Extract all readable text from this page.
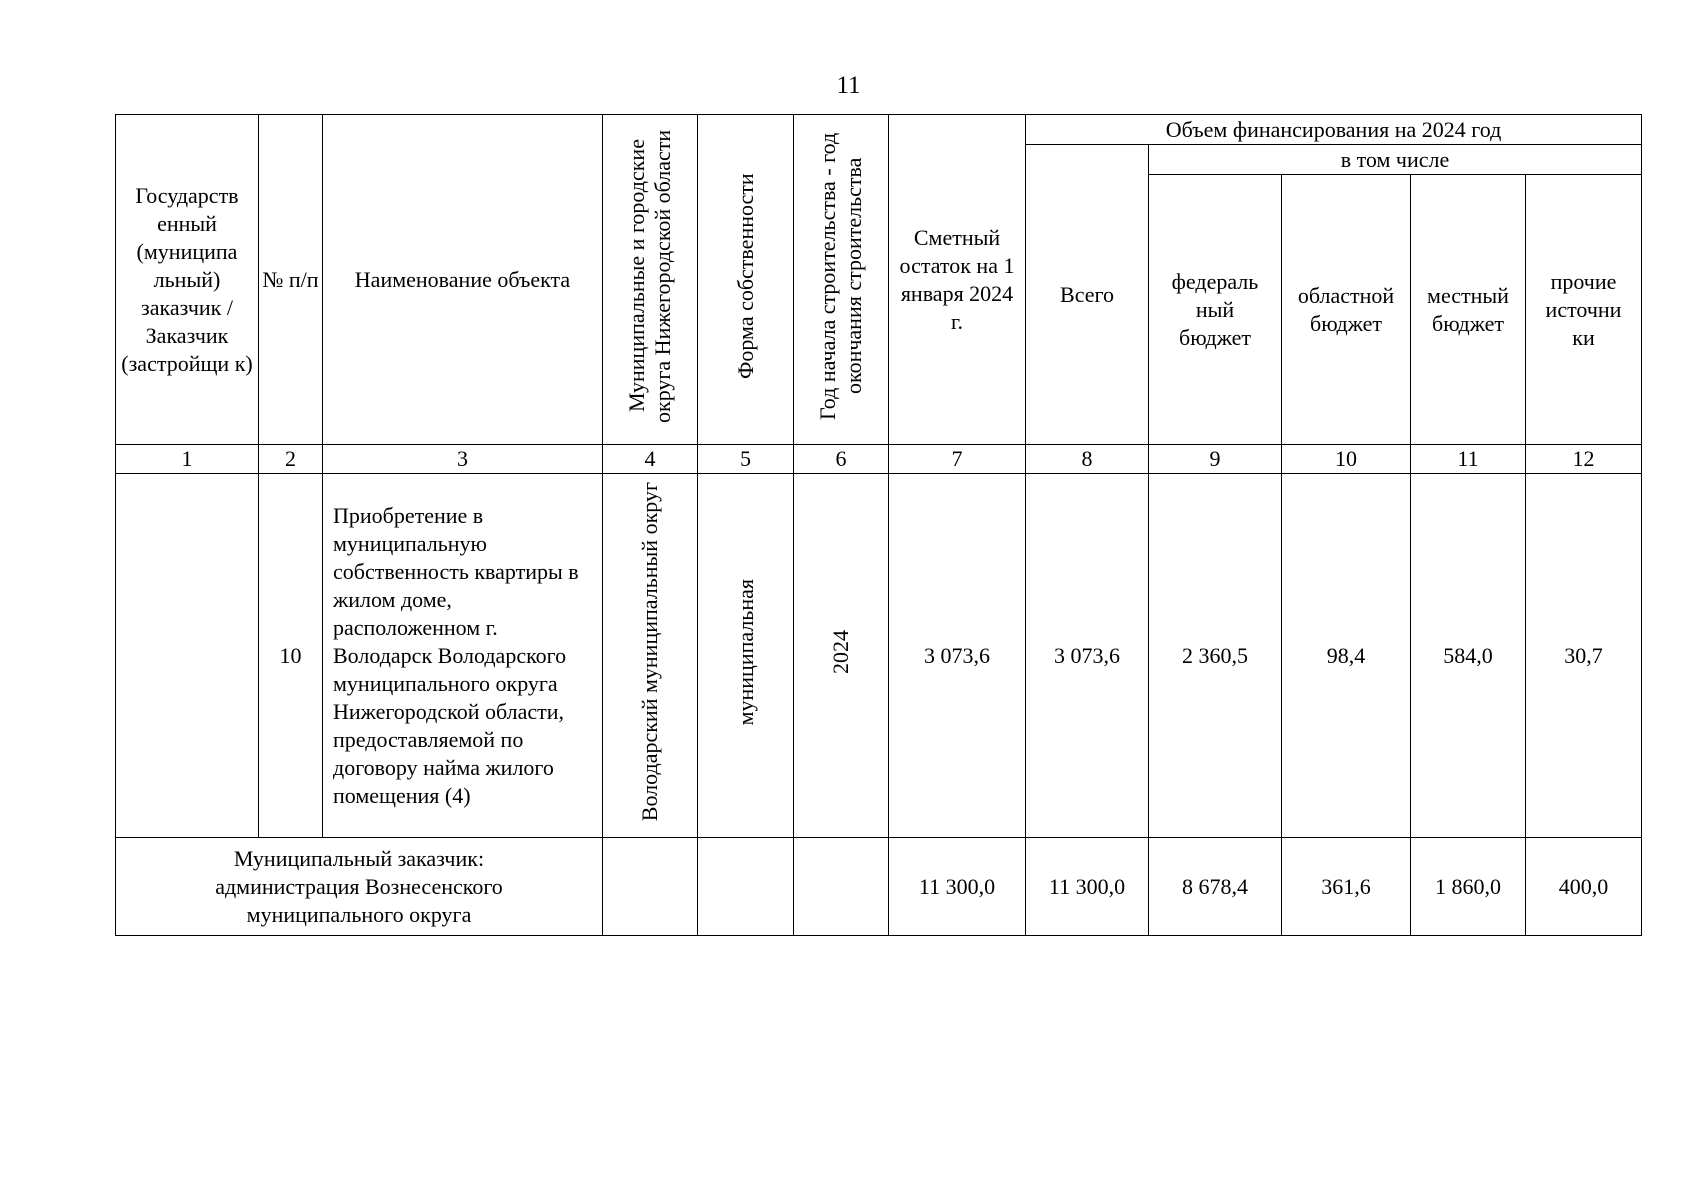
11
Государств енный (муниципа льный) заказчик / Заказчик (застройщи к)	№ п/п	Наименование объекта	Муниципальные и городские округа Нижегородской области	Форма собственности	Год начала строительства - год окончания строительства	Сметный остаток на 1 января 2024 г.	Объем финансирования на 2024 год				
							Всего	в том числе			
								федераль ный бюджет	областной бюджет	местный бюджет	прочие источни ки
1	2	3	4	5	6	7	8	9	10	11	12
	10	Приобретение в муниципальную собственность квартиры в жилом доме, расположенном г. Володарск Володарского муниципального округа Нижегородской области, предоставляемой по договору найма жилого помещения (4)	Володарский муниципальный округ	муниципальная	2024	3 073,6	3 073,6	2 360,5	98,4	584,0	30,7
Муниципальный заказчик: администрация Вознесенского муниципального округа						11 300,0	11 300,0	8 678,4	361,6	1 860,0	400,0
